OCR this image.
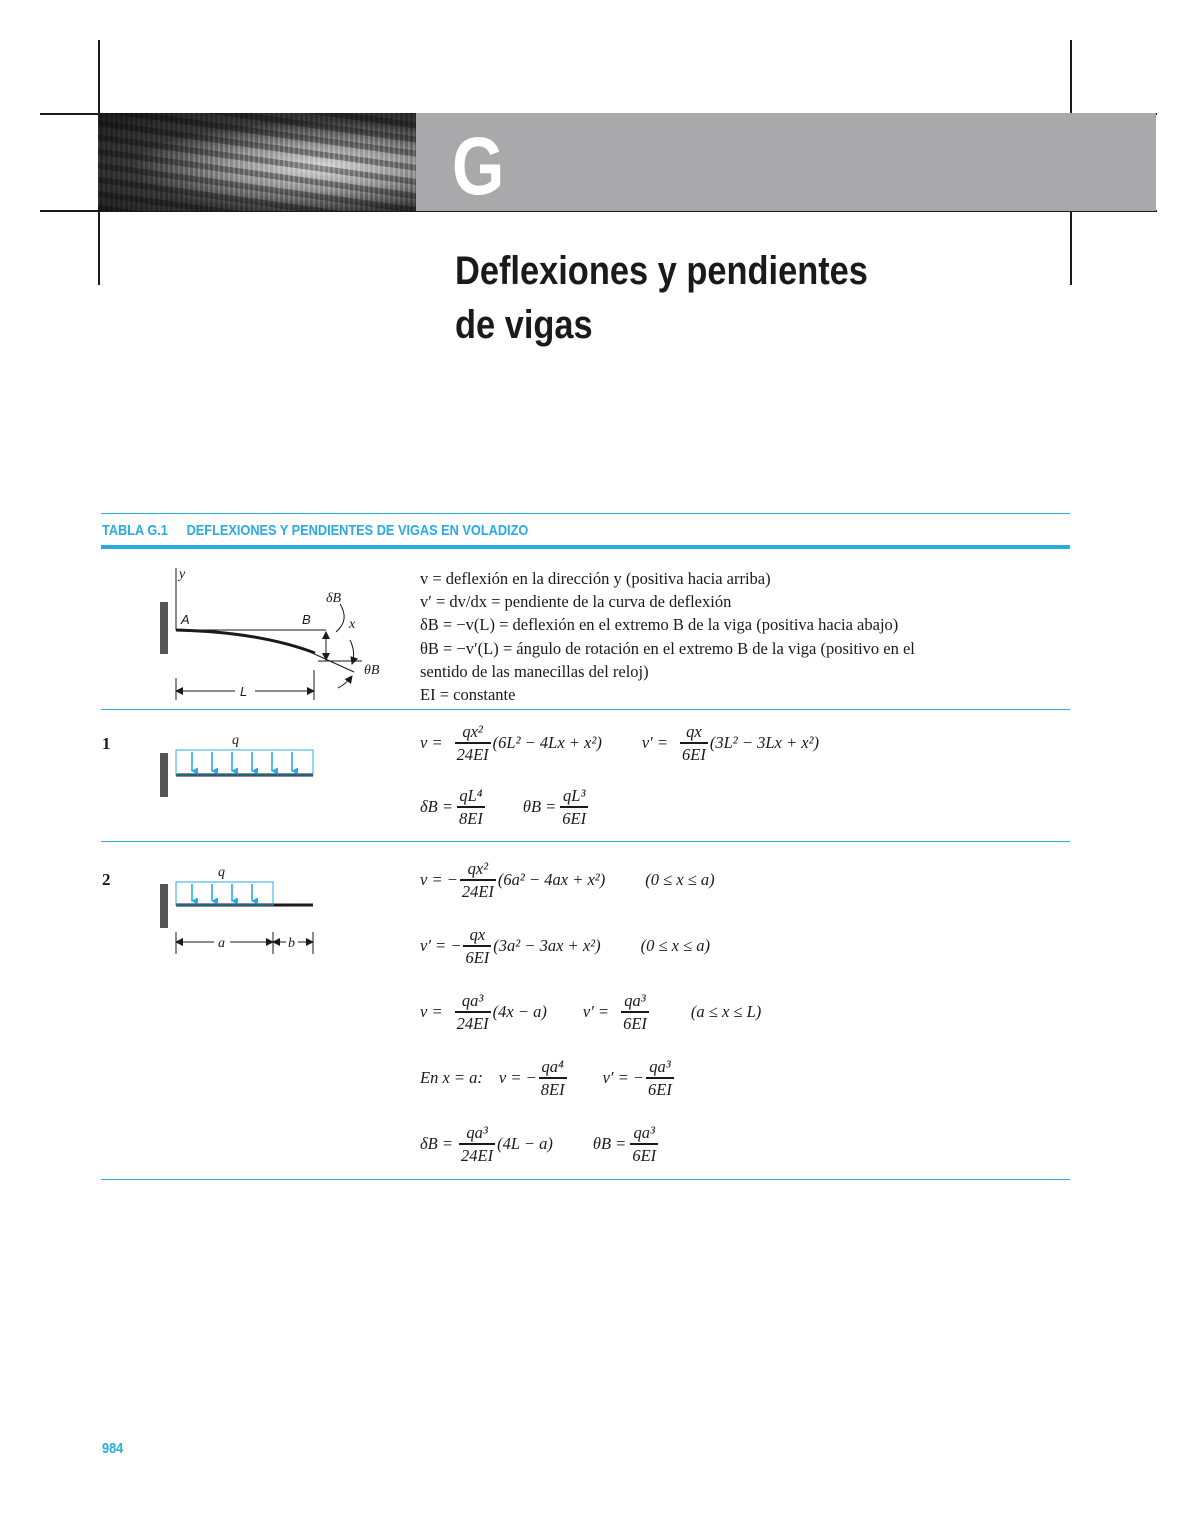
G
Deflexiones y pendientes
de vigas
TABLA G.1 DEFLEXIONES Y PENDIENTES DE VIGAS EN VOLADIZO
y
A	B
δB
x
θB
L
v = deflexión en la dirección y (positiva hacia arriba)
v′ = dv/dx = pendiente de la curva de deflexión
δB = −v(L) = deflexión en el extremo B de la viga (positiva hacia abajo)
θB = −v′(L) = ángulo de rotación en el extremo B de la viga (positivo en el
sentido de las manecillas del reloj)
EI = constante
1	q	$v = \frac{\text{qx²}}{24EI} (6L^2 - 4Lx + x^2) v' = \frac{qx}{6EI} (3L^2 - 3Lx + x^2)$
$\delta B = \frac{\text{qL⁴}}{8EI}$ $\theta B = \frac{\text{qL³}}{6EI}$
2	q
a	b
v = − $\frac{\text{qx²}}{24EI} (6a^2 - 4ax + x^2) (0 \le x \le a)$
v′ = − $\frac{qx}{6EI} (3a^2 - 3ax + x^2) (0 \le x \le a)$
$v = \frac{\text{qa³}}{24EI} (4x - a) v' = \frac{\text{qa³}}{6EI}$	(a ≤ x ≤ L)
En x = a: v = − $\frac{\text{qa⁴}}{8EI} v'$ = − $\frac{\text{qa³}}{6EI}$
$\delta B = \frac{\text{qa³}}{24EI} (4L - a) \theta B = \frac{\text{qa³}}{6EI}$
984
